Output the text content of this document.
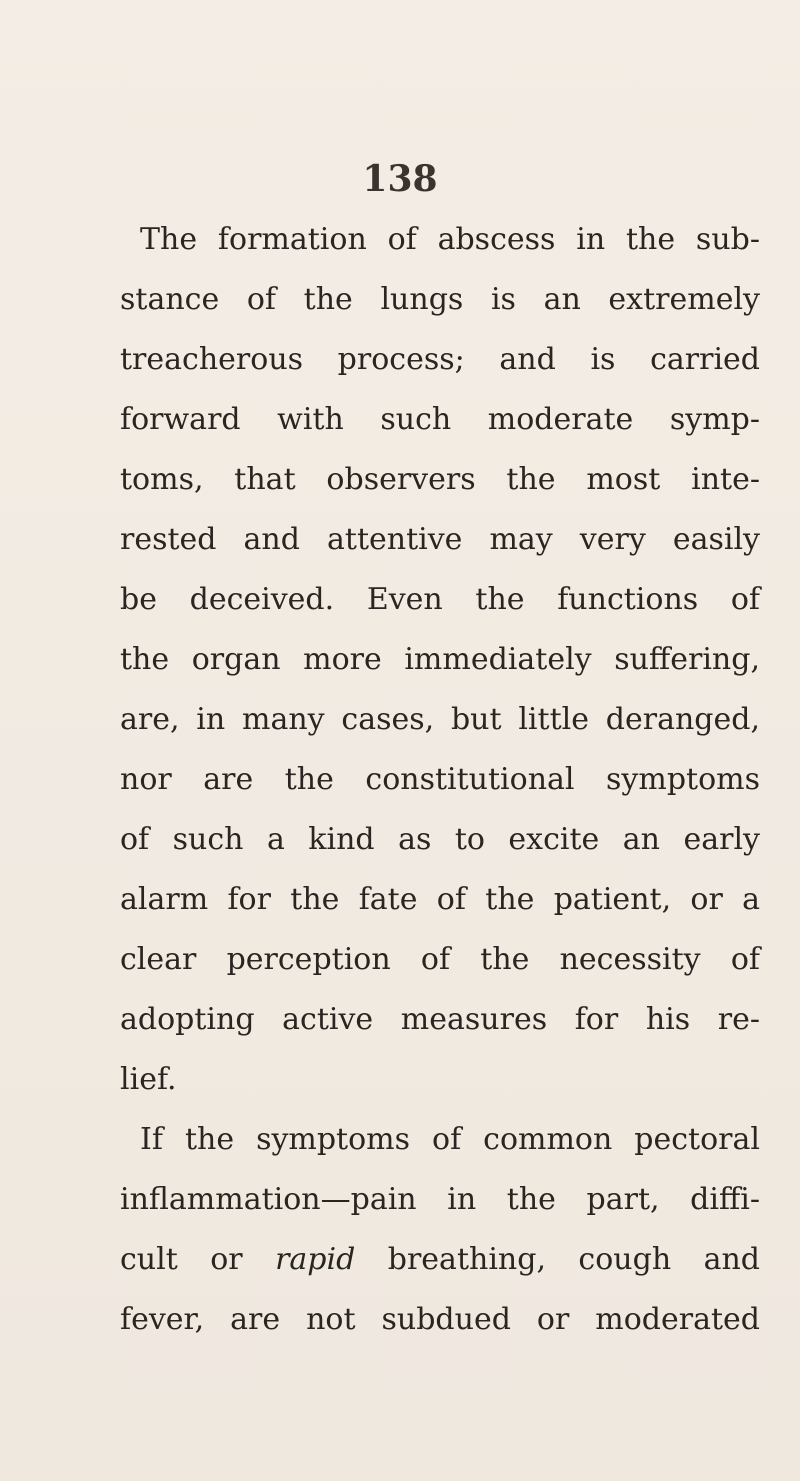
138
The formation of abscess in the sub-
stance of the lungs is an extremely
treacherous process; and is carried
forward with such moderate symp-
toms, that observers the most inte-
rested and attentive may very easily
be deceived. Even the functions of
the organ more immediately suffering,
are, in many cases, but little deranged,
nor are the constitutional symptoms
of such a kind as to excite an early
alarm for the fate of the patient, or a
clear perception of the necessity of
adopting active measures for his re-
lief.
If the symptoms of common pectoral
inflammation—pain in the part, diffi-
cult or rapid breathing, cough and
fever, are not subdued or moderated
